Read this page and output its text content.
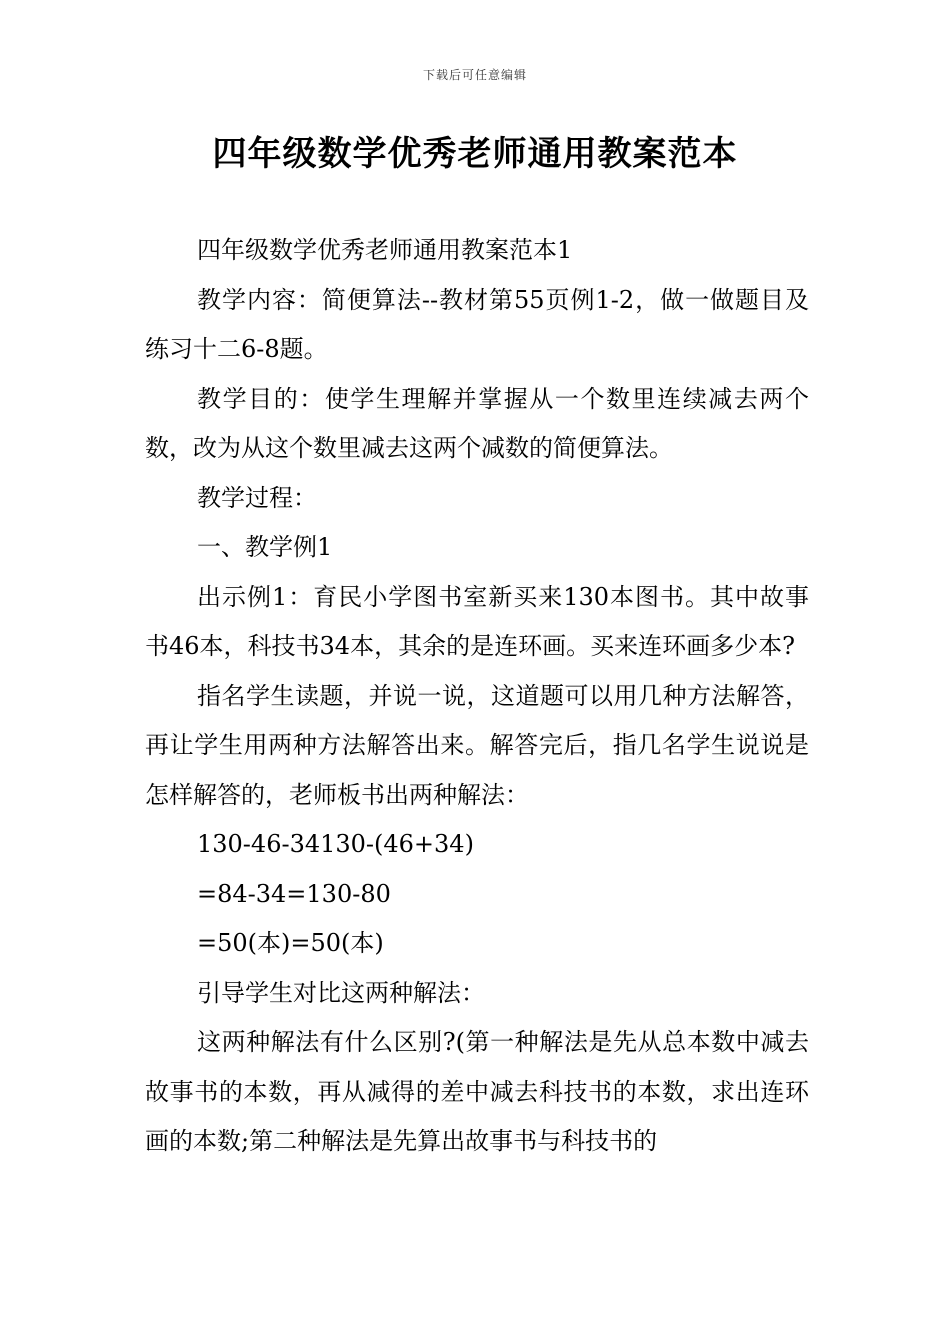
下载后可任意编辑
四年级数学优秀老师通用教案范本

四年级数学优秀老师通用教案范本1

教学内容：简便算法--教材第55页例1-2，做一做题目及练习十二6-8题。

教学目的：使学生理解并掌握从一个数里连续减去两个数，改为从这个数里减去这两个减数的简便算法。

教学过程：

一、教学例1

出示例1：育民小学图书室新买来130本图书。其中故事书46本，科技书34本，其余的是连环画。买来连环画多少本?

指名学生读题，并说一说，这道题可以用几种方法解答，再让学生用两种方法解答出来。解答完后，指几名学生说说是怎样解答的，老师板书出两种解法：

130-46-34130-(46+34)

=84-34=130-80

=50(本)=50(本)

引导学生对比这两种解法：

这两种解法有什么区别?(第一种解法是先从总本数中减去故事书的本数，再从减得的差中减去科技书的本数，求出连环画的本数;第二种解法是先算出故事书与科技书的
